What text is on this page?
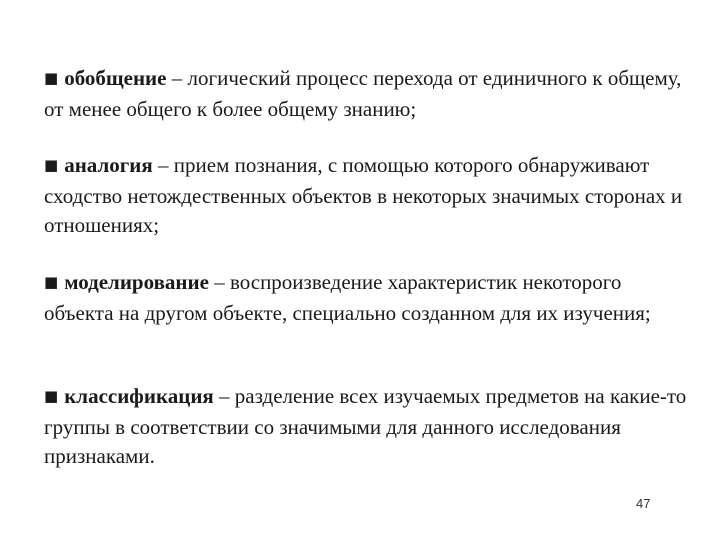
■ обобщение – логический процесс перехода от единичного к общему, от менее общего к более общему знанию;

■ аналогия – прием познания, с помощью которого обнаруживают сходство нетождественных объектов в некоторых значимых сторонах и отношениях;

■ моделирование – воспроизведение характеристик некоторого объекта на другом объекте, специально созданном для их изучения;

■ классификация – разделение всех изучаемых предметов на какие-то группы в соответствии со значимыми для данного исследования признаками.

47
